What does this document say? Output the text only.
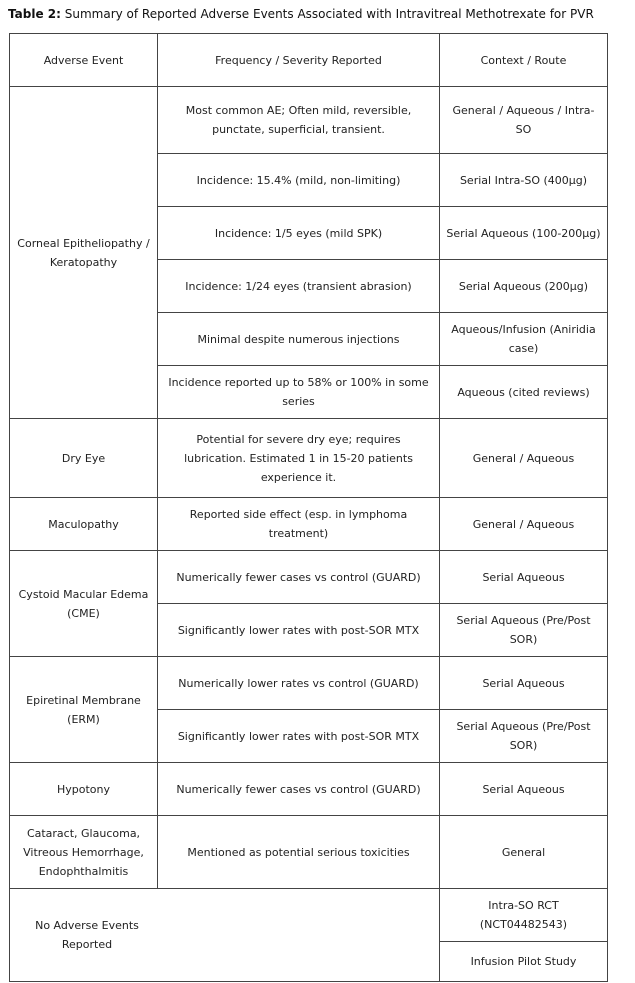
Table 2: Summary of Reported Adverse Events Associated with Intravitreal Methotrexate for PVR
Adverse Event	Frequency / Severity Reported	Context / Route
Corneal Epitheliopathy / Keratopathy	Most common AE; Often mild, reversible, punctate, superficial, transient.	General / Aqueous / Intra-SO
	Incidence: 15.4% (mild, non-limiting)	Serial Intra-SO (400µg)
	Incidence: 1/5 eyes (mild SPK)	Serial Aqueous (100-200µg)
	Incidence: 1/24 eyes (transient abrasion)	Serial Aqueous (200µg)
	Minimal despite numerous injections	Aqueous/Infusion (Aniridia case)
	Incidence reported up to 58% or 100% in some series	Aqueous (cited reviews)
Dry Eye	Potential for severe dry eye; requires lubrication. Estimated 1 in 15-20 patients experience it.	General / Aqueous
Maculopathy	Reported side effect (esp. in lymphoma treatment)	General / Aqueous
Cystoid Macular Edema (CME)	Numerically fewer cases vs control (GUARD)	Serial Aqueous
	Significantly lower rates with post-SOR MTX	Serial Aqueous (Pre/Post SOR)
Epiretinal Membrane (ERM)	Numerically lower rates vs control (GUARD)	Serial Aqueous
	Significantly lower rates with post-SOR MTX	Serial Aqueous (Pre/Post SOR)
Hypotony	Numerically fewer cases vs control (GUARD)	Serial Aqueous
Cataract, Glaucoma, Vitreous Hemorrhage, Endophthalmitis	Mentioned as potential serious toxicities	General

No Adverse Events Reported		Intra-SO RCT (NCT04482543)
		Infusion Pilot Study
